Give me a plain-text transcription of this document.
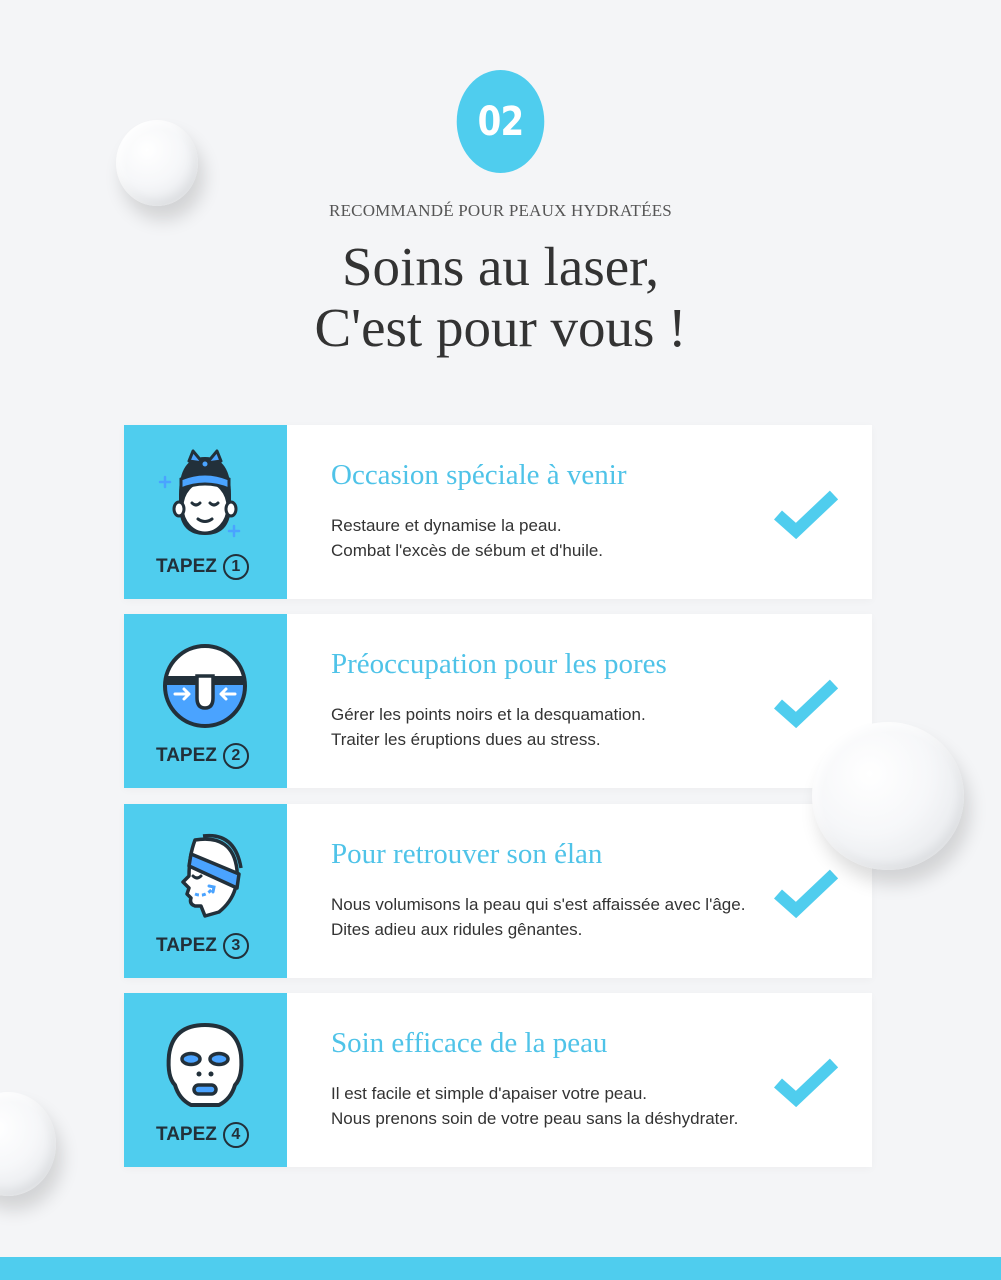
02
RECOMMANDÉ POUR PEAUX HYDRATÉES
Soins au laser,
C'est pour vous !
TAPEZ 1
Occasion spéciale à venir
Restaure et dynamise la peau.
Combat l'excès de sébum et d'huile.
TAPEZ 2
Préoccupation pour les pores
Gérer les points noirs et la desquamation.
Traiter les éruptions dues au stress.
TAPEZ 3
Pour retrouver son élan
Nous volumisons la peau qui s'est affaissée avec l'âge.
Dites adieu aux ridules gênantes.
TAPEZ 4
Soin efficace de la peau
Il est facile et simple d'apaiser votre peau.
Nous prenons soin de votre peau sans la déshydrater.
